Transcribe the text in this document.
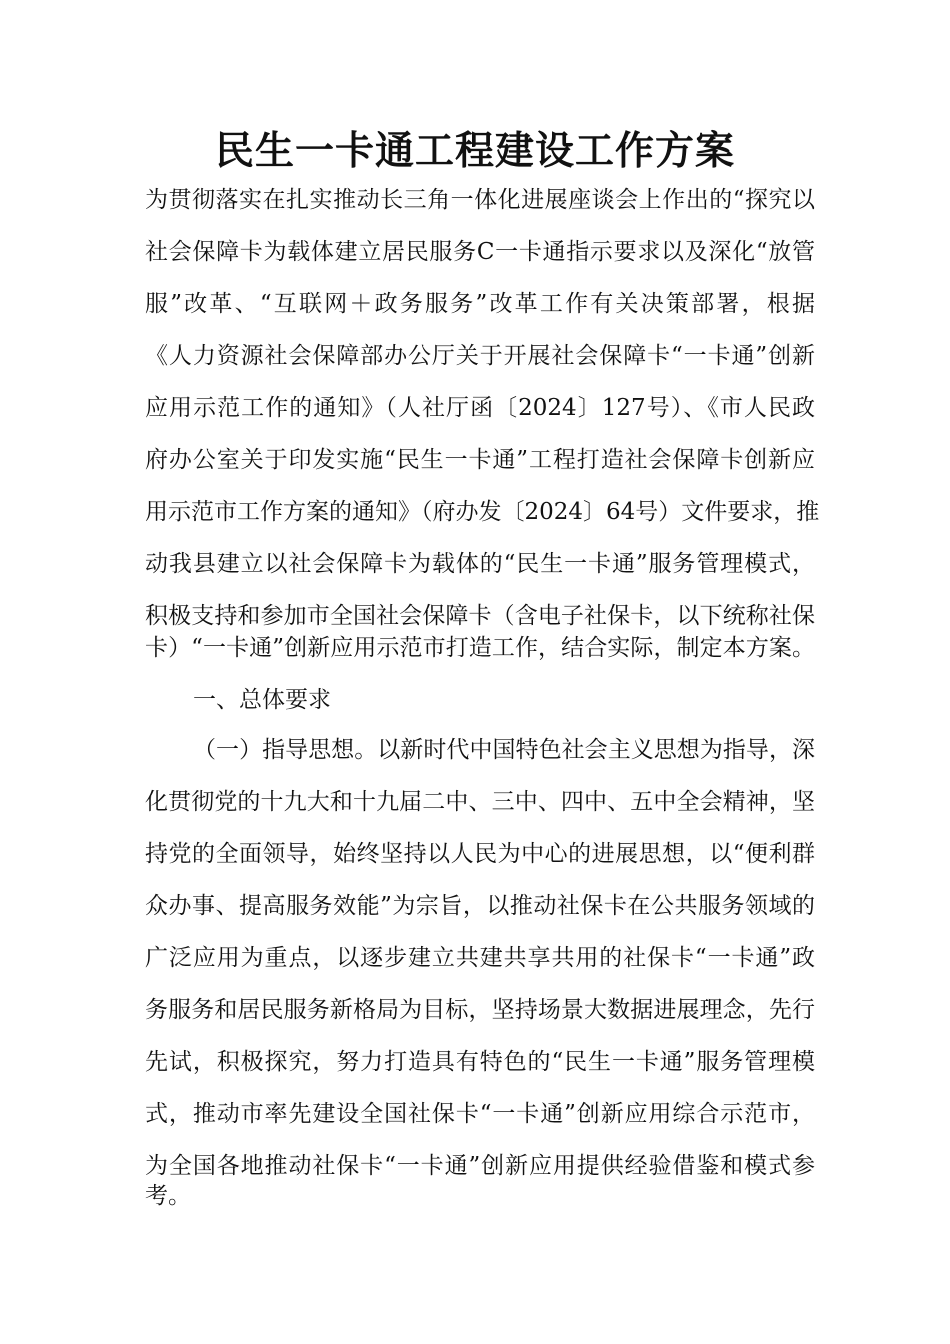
民生一卡通工程建设工作方案
为贯彻落实在扎实推动长三角一体化进展座谈会上作出的“探究以
社会保障卡为载体建立居民服务C一卡通指示要求以及深化“放管
服”改革、“互联网＋政务服务”改革工作有关决策部署，根据
《人力资源社会保障部办公厅关于开展社会保障卡“一卡通”创新
应用示范工作的通知》（人社厅函〔2024〕127号）、《市人民政
府办公室关于印发实施“民生一卡通”工程打造社会保障卡创新应
用示范市工作方案的通知》（府办发〔2024〕64号）文件要求，推
动我县建立以社会保障卡为载体的“民生一卡通”服务管理模式，
积极支持和参加市全国社会保障卡（含电子社保卡，以下统称社保
卡）“一卡通”创新应用示范市打造工作，结合实际，制定本方案。
一、总体要求
（一）指导思想。以新时代中国特色社会主义思想为指导，深
化贯彻党的十九大和十九届二中、三中、四中、五中全会精神，坚
持党的全面领导，始终坚持以人民为中心的进展思想，以“便利群
众办事、提高服务效能”为宗旨，以推动社保卡在公共服务领域的
广泛应用为重点，以逐步建立共建共享共用的社保卡“一卡通”政
务服务和居民服务新格局为目标，坚持场景大数据进展理念，先行
先试，积极探究，努力打造具有特色的“民生一卡通”服务管理模
式，推动市率先建设全国社保卡“一卡通”创新应用综合示范市，
为全国各地推动社保卡“一卡通”创新应用提供经验借鉴和模式参
考。
